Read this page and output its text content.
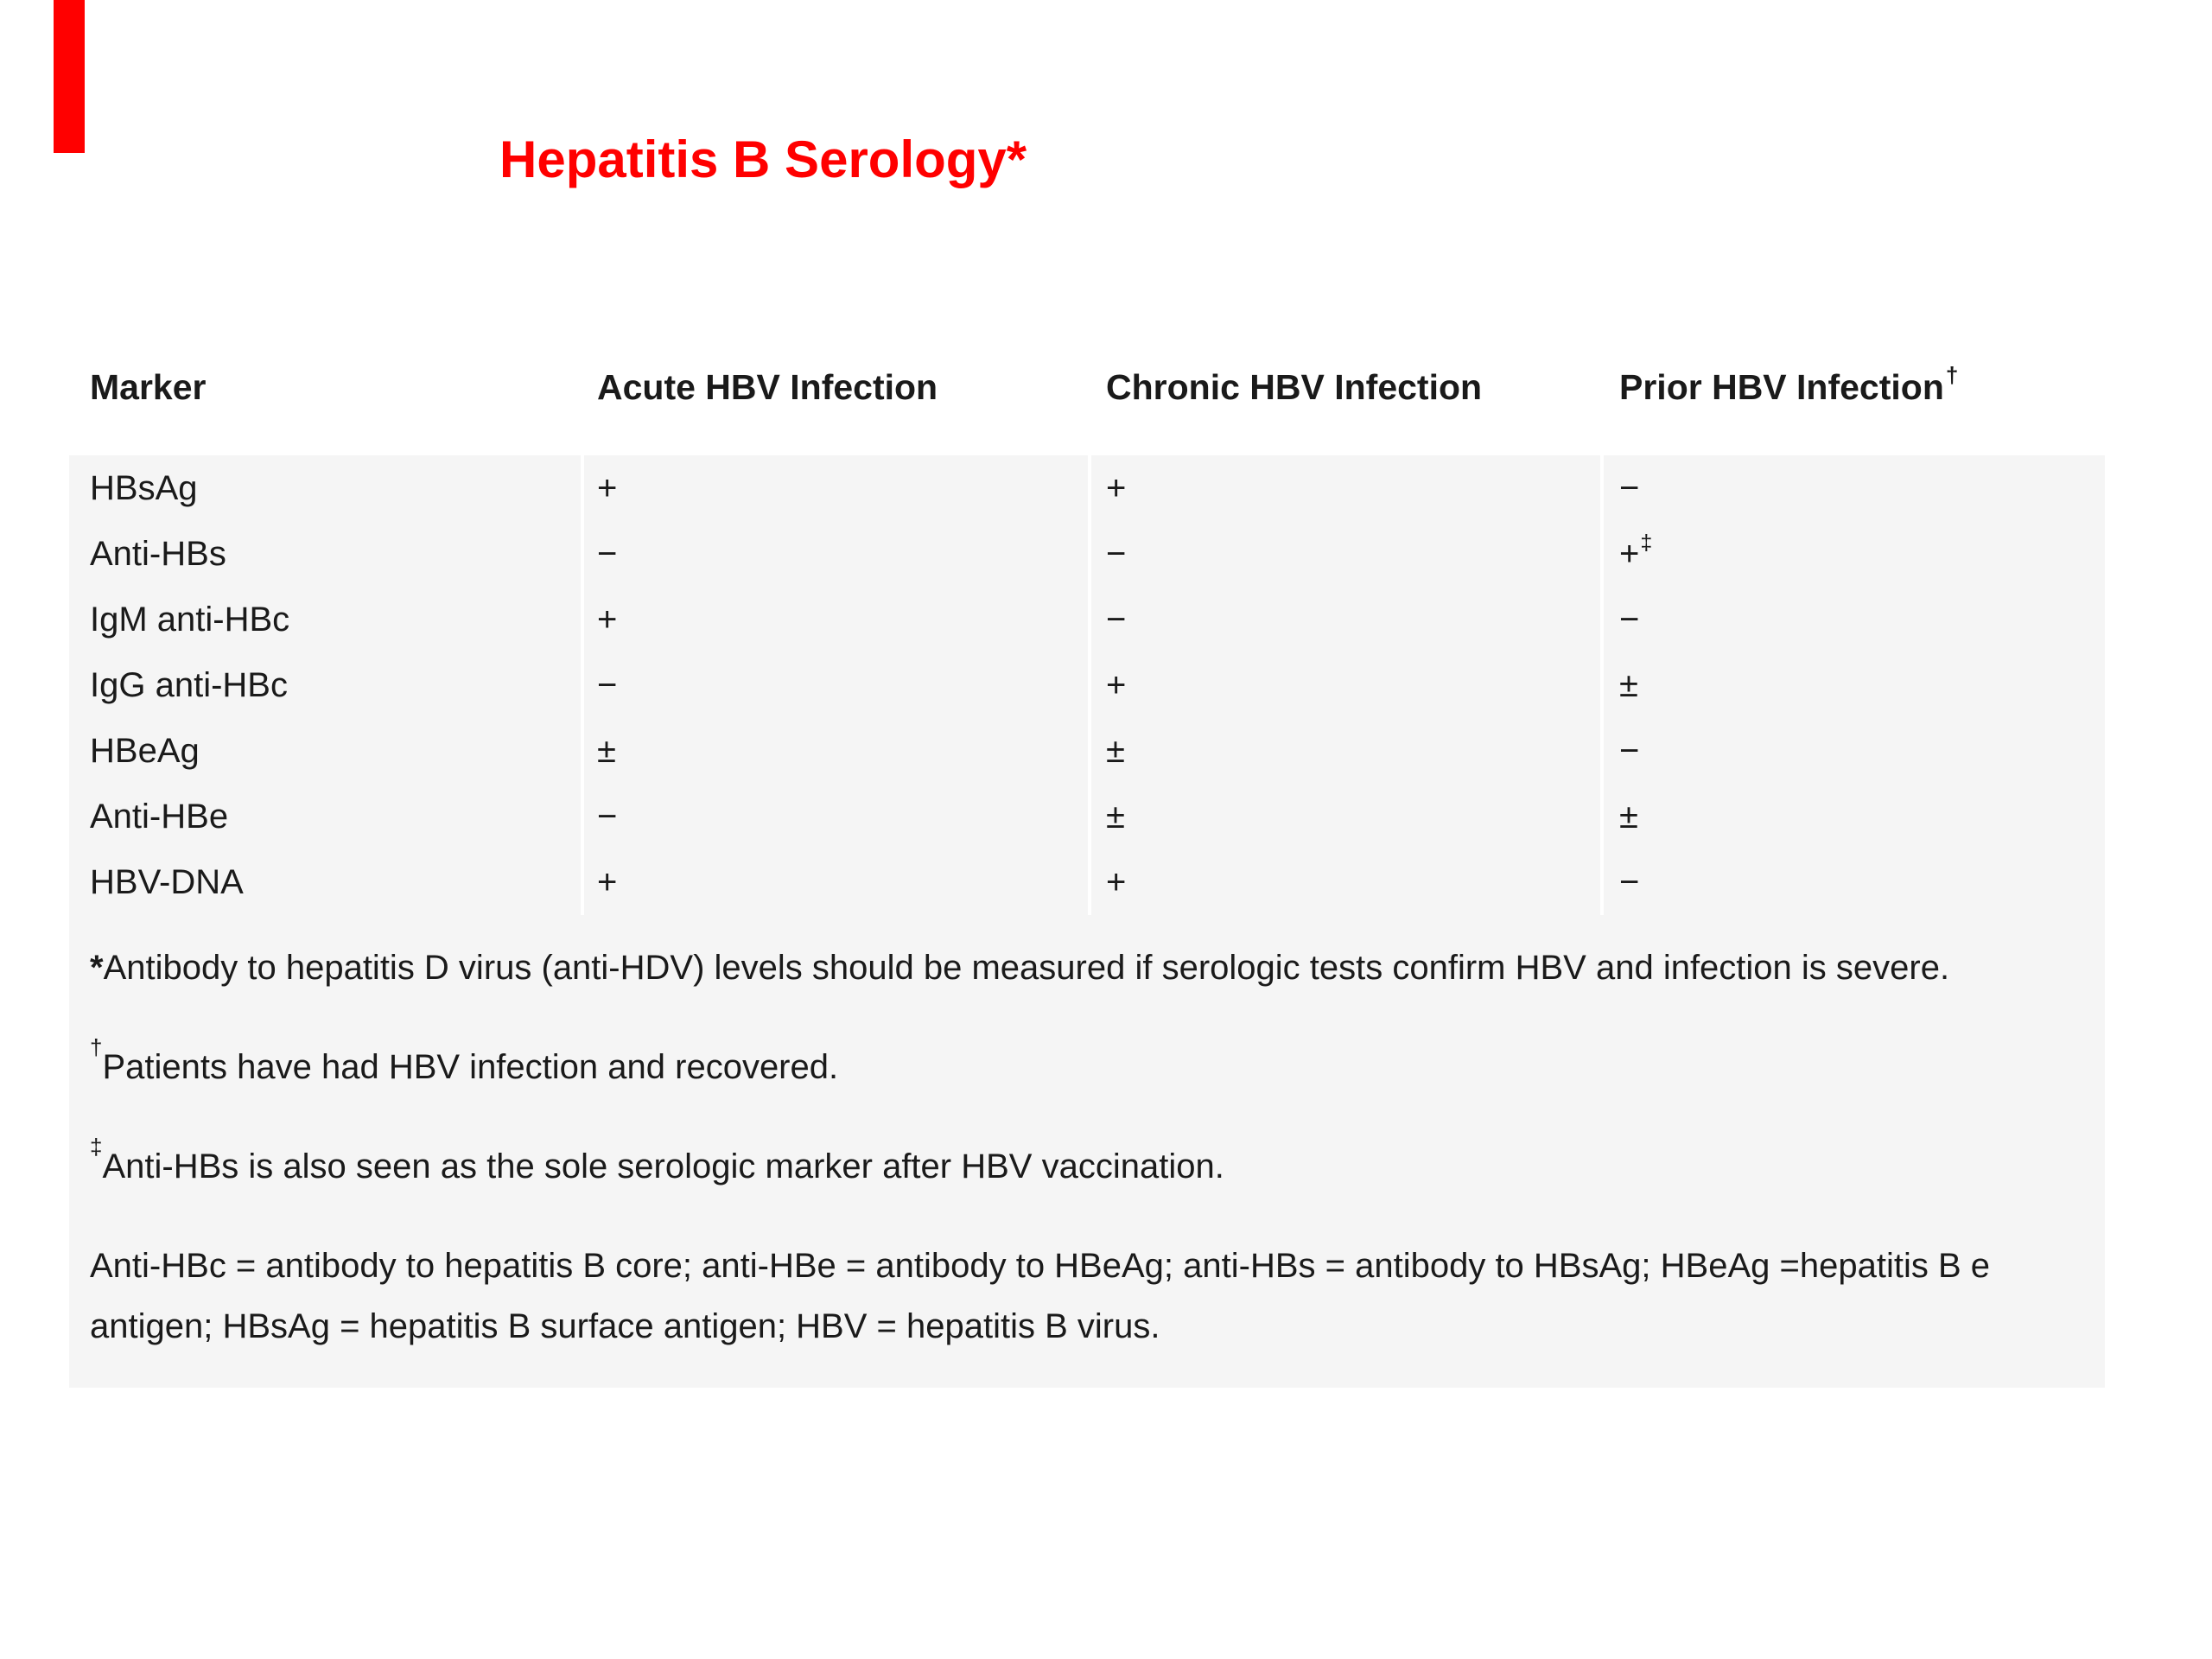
Hepatitis B Serology*
Marker	Acute HBV Infection	Chronic HBV Infection	Prior HBV Infection†
HBsAg	+	+	−
Anti-HBs	−	−	+‡
IgM anti-HBc	+	−	−
IgG anti-HBc	−	+	±
HBeAg	±	±	−
Anti-HBe	−	±	±
HBV-DNA	+	+	−

*Antibody to hepatitis D virus (anti-HDV) levels should be measured if serologic tests confirm HBV and infection is severe.

†Patients have had HBV infection and recovered.

‡Anti-HBs is also seen as the sole serologic marker after HBV vaccination.

Anti-HBc = antibody to hepatitis B core; anti-HBe = antibody to HBeAg; anti-HBs = antibody to HBsAg; HBeAg =hepatitis B e antigen; HBsAg = hepatitis B surface antigen; HBV = hepatitis B virus.
